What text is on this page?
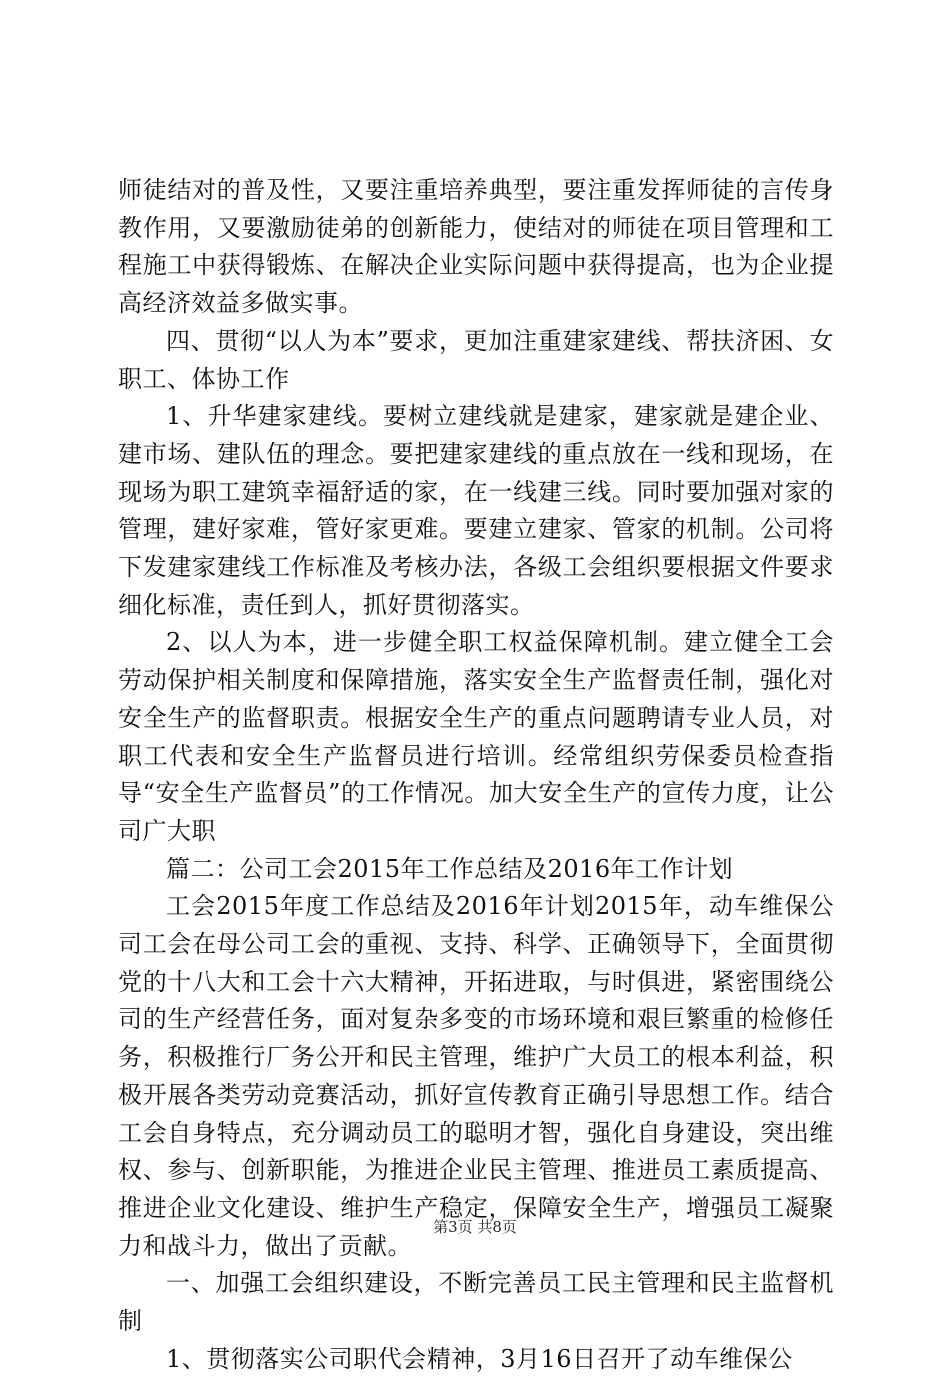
师徒结对的普及性，又要注重培养典型，要注重发挥师徒的言传身教作用，又要激励徒弟的创新能力，使结对的师徒在项目管理和工程施工中获得锻炼、在解决企业实际问题中获得提高，也为企业提高经济效益多做实事。

四、贯彻“以人为本”要求，更加注重建家建线、帮扶济困、女职工、体协工作

1、升华建家建线。要树立建线就是建家，建家就是建企业、建市场、建队伍的理念。要把建家建线的重点放在一线和现场，在现场为职工建筑幸福舒适的家，在一线建三线。同时要加强对家的管理，建好家难，管好家更难。要建立建家、管家的机制。公司将下发建家建线工作标准及考核办法，各级工会组织要根据文件要求细化标准，责任到人，抓好贯彻落实。

2、以人为本，进一步健全职工权益保障机制。建立健全工会劳动保护相关制度和保障措施，落实安全生产监督责任制，强化对安全生产的监督职责。根据安全生产的重点问题聘请专业人员，对职工代表和安全生产监督员进行培训。经常组织劳保委员检查指导“安全生产监督员”的工作情况。加大安全生产的宣传力度，让公司广大职

篇二：公司工会2015年工作总结及2016年工作计划

工会2015年度工作总结及2016年计划2015年，动车维保公司工会在母公司工会的重视、支持、科学、正确领导下，全面贯彻党的十八大和工会十六大精神，开拓进取，与时俱进，紧密围绕公司的生产经营任务，面对复杂多变的市场环境和艰巨繁重的检修任务，积极推行厂务公开和民主管理，维护广大员工的根本利益，积极开展各类劳动竞赛活动，抓好宣传教育正确引导思想工作。结合工会自身特点，充分调动员工的聪明才智，强化自身建设，突出维权、参与、创新职能，为推进企业民主管理、推进员工素质提高、推进企业文化建设、维护生产稳定，保障安全生产，增强员工凝聚力和战斗力，做出了贡献。

一、加强工会组织建设，不断完善员工民主管理和民主监督机制

1、贯彻落实公司职代会精神，3月16日召开了动车维保公

第3页 共8页
